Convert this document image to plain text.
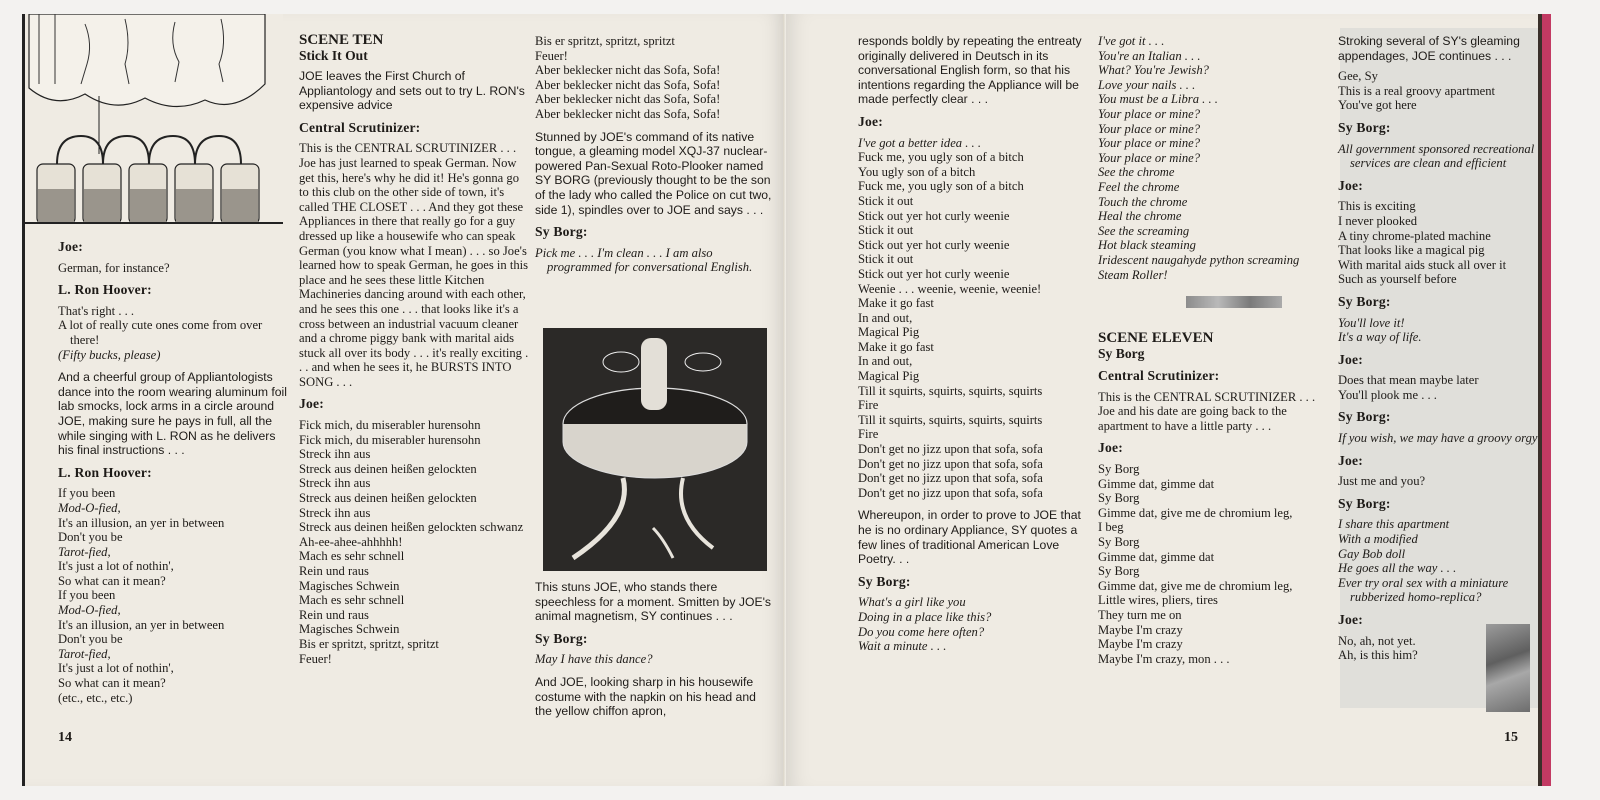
Joe:
German, for instance?
L. Ron Hoover:
That's right . . .
A lot of really cute ones come from over there!
(Fifty bucks, please)
And a cheerful group of Appliantologists dance into the room wearing aluminum foil lab smocks, lock arms in a circle around JOE, making sure he pays in full, all the while singing with L. RON as he delivers his final instructions . . .
L. Ron Hoover:
If you been
Mod-O-fied,
It's an illusion, an yer in between
Don't you be
Tarot-fied,
It's just a lot of nothin',
So what can it mean?
If you been
Mod-O-fied,
It's an illusion, an yer in between
Don't you be
Tarot-fied,
It's just a lot of nothin',
So what can it mean?
(etc., etc., etc.)
SCENE TEN
Stick It Out
JOE leaves the First Church of Appliantology and sets out to try L. RON's expensive advice
Central Scrutinizer:
This is the CENTRAL SCRUTINIZER . . . Joe has just learned to speak German. Now get this, here's why he did it! He's gonna go to this club on the other side of town, it's called THE CLOSET . . . And they got these Appliances in there that really go for a guy dressed up like a housewife who can speak German (you know what I mean) . . . so Joe's learned how to speak German, he goes in this place and he sees these little Kitchen Machineries dancing around with each other, and he sees this one . . . that looks like it's a cross between an industrial vacuum cleaner and a chrome piggy bank with marital aids stuck all over its body . . . it's really exciting . . . and when he sees it, he BURSTS INTO SONG . . .
Joe:
Fick mich, du miserabler hurensohn
Fick mich, du miserabler hurensohn
Streck ihn aus
Streck aus deinen heißen gelockten
Streck ihn aus
Streck aus deinen heißen gelockten
Streck ihn aus
Streck aus deinen heißen gelockten schwanz
Ah-ee-ahee-ahhhhh!
Mach es sehr schnell
Rein und raus
Magisches Schwein
Mach es sehr schnell
Rein und raus
Magisches Schwein
Bis er spritzt, spritzt, spritzt
Feuer!
Bis er spritzt, spritzt, spritzt
Feuer!
Aber beklecker nicht das Sofa, Sofa!
Aber beklecker nicht das Sofa, Sofa!
Aber beklecker nicht das Sofa, Sofa!
Aber beklecker nicht das Sofa, Sofa!
Stunned by JOE's command of its native tongue, a gleaming model XQJ-37 nuclear-powered Pan-Sexual Roto-Plooker named SY BORG (previously thought to be the son of the lady who called the Police on cut two, side 1), spindles over to JOE and says . . .
Sy Borg:
Pick me . . . I'm clean . . . I am also programmed for conversational English.
This stuns JOE, who stands there speechless for a moment. Smitten by JOE's animal magnetism, SY continues . . .
Sy Borg:
May I have this dance?
And JOE, looking sharp in his housewife costume with the napkin on his head and the yellow chiffon apron,
14
responds boldly by repeating the entreaty originally delivered in Deutsch in its conversational English form, so that his intentions regarding the Appliance will be made perfectly clear . . .
Joe:
I've got a better idea . . .
Fuck me, you ugly son of a bitch
You ugly son of a bitch
Fuck me, you ugly son of a bitch
Stick it out
Stick out yer hot curly weenie
Stick it out
Stick out yer hot curly weenie
Stick it out
Stick out yer hot curly weenie
Weenie . . . weenie, weenie, weenie!
Make it go fast
In and out,
Magical Pig
Make it go fast
In and out,
Magical Pig
Till it squirts, squirts, squirts, squirts
Fire
Till it squirts, squirts, squirts, squirts
Fire
Don't get no jizz upon that sofa, sofa
Don't get no jizz upon that sofa, sofa
Don't get no jizz upon that sofa, sofa
Don't get no jizz upon that sofa, sofa
Whereupon, in order to prove to JOE that he is no ordinary Appliance, SY quotes a few lines of traditional American Love Poetry. . .
Sy Borg:
What's a girl like you
Doing in a place like this?
Do you come here often?
Wait a minute . . .
I've got it . . .
You're an Italian . . .
What? You're Jewish?
Love your nails . . .
You must be a Libra . . .
Your place or mine?
Your place or mine?
Your place or mine?
Your place or mine?
See the chrome
Feel the chrome
Touch the chrome
Heal the chrome
See the screaming
Hot black steaming
Iridescent naugahyde python screaming
Steam Roller!
SCENE ELEVEN
Sy Borg
Central Scrutinizer:
This is the CENTRAL SCRUTINIZER . . . Joe and his date are going back to the apartment to have a little party . . .
Joe:
Sy Borg
Gimme dat, gimme dat
Sy Borg
Gimme dat, give me de chromium leg,
I beg
Sy Borg
Gimme dat, gimme dat
Sy Borg
Gimme dat, give me de chromium leg,
Little wires, pliers, tires
They turn me on
Maybe I'm crazy
Maybe I'm crazy
Maybe I'm crazy, mon . . .
Stroking several of SY's gleaming appendages, JOE continues . . .
Gee, Sy
This is a real groovy apartment
You've got here
Sy Borg:
All government sponsored recreational services are clean and efficient
Joe:
This is exciting
I never plooked
A tiny chrome-plated machine
That looks like a magical pig
With marital aids stuck all over it
Such as yourself before
Sy Borg:
You'll love it!
It's a way of life.
Joe:
Does that mean maybe later
You'll plook me . . .
Sy Borg:
If you wish, we may have a groovy orgy
Joe:
Just me and you?
Sy Borg:
I share this apartment
With a modified
Gay Bob doll
He goes all the way . . .
Ever try oral sex with a miniature rubberized homo-replica?
Joe:
No, ah, not yet.
Ah, is this him?
15
